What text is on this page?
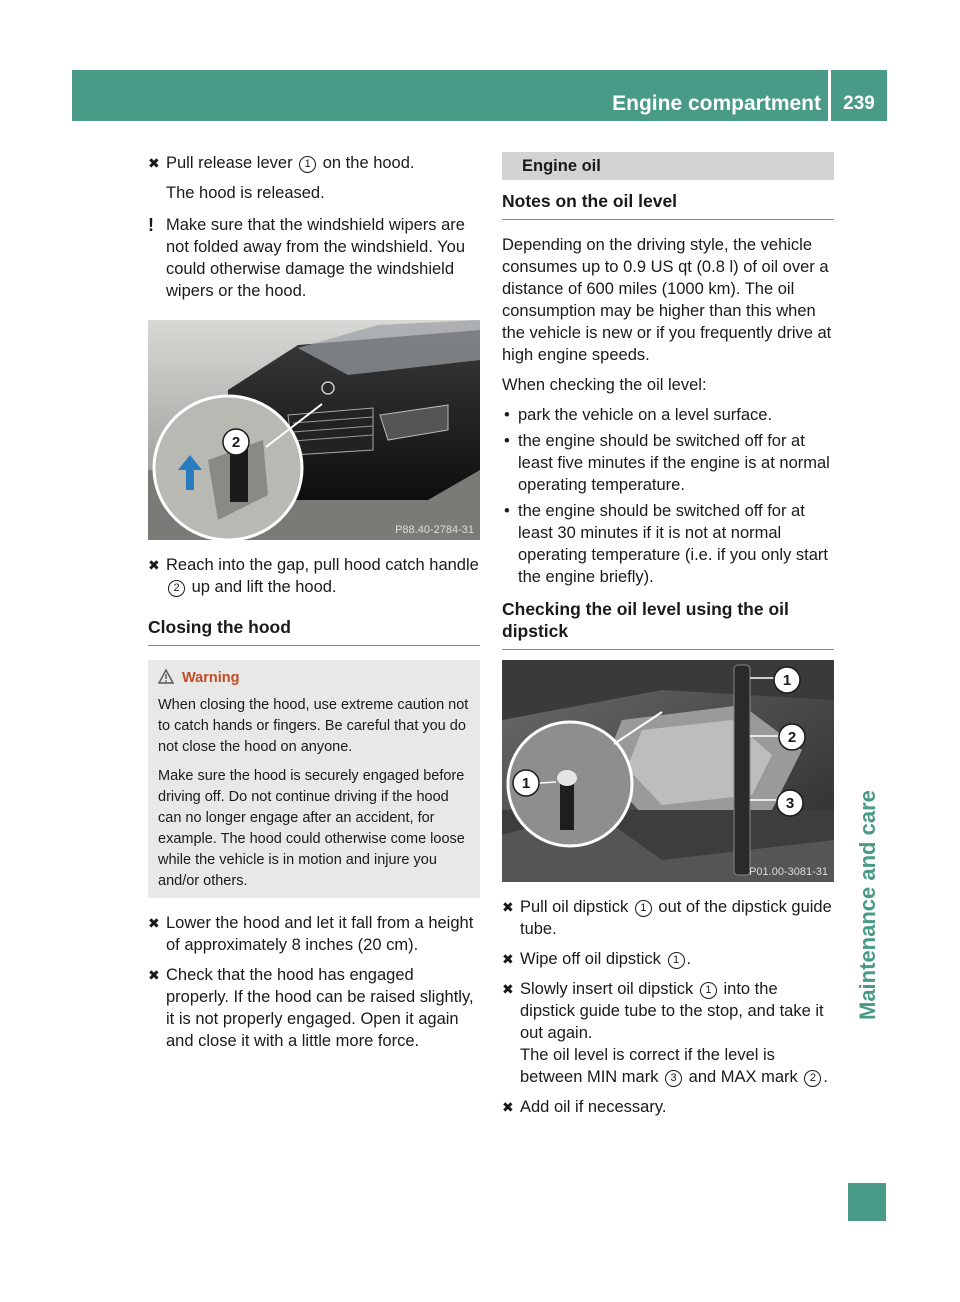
Engine compartment	239
Maintenance and care
✖ Pull release lever 1 on the hood.

The hood is released.

! Make sure that the windshield wipers are not folded away from the windshield. You could otherwise damage the windshield wipers or the hood.
2
P88.40-2784-31
✖ Reach into the gap, pull hood catch handle 2 up and lift the hood.
Closing the hood
Warning

When closing the hood, use extreme caution not to catch hands or fingers. Be careful that you do not close the hood on anyone.

Make sure the hood is securely engaged before driving off. Do not continue driving if the hood can no longer engage after an accident, for example. The hood could otherwise come loose while the vehicle is in motion and injure you and/or others.

✖ Lower the hood and let it fall from a height of approximately 8 inches (20 cm).
✖ Check that the hood has engaged properly. If the hood can be raised slightly, it is not properly engaged. Open it again and close it with a little more force.
Engine oil
Notes on the oil level

Depending on the driving style, the vehicle consumes up to 0.9 US qt (0.8 l) of oil over a distance of 600 miles (1000 km). The oil consumption may be higher than this when the vehicle is new or if you frequently drive at high engine speeds.

When checking the oil level:

• park the vehicle on a level surface.
• the engine should be switched off for at least five minutes if the engine is at normal operating temperature.
• the engine should be switched off for at least 30 minutes if it is not at normal operating temperature (i.e. if you only start the engine briefly).
Checking the oil level using the oil dipstick
1
2
3
1
P01.00-3081-31
✖ Pull oil dipstick 1 out of the dipstick guide tube.
✖ Wipe off oil dipstick 1 .
✖ Slowly insert oil dipstick 1 into the dipstick guide tube to the stop, and take it out again.
The oil level is correct if the level is between MIN mark 3 and MAX mark 2 .
✖ Add oil if necessary.
